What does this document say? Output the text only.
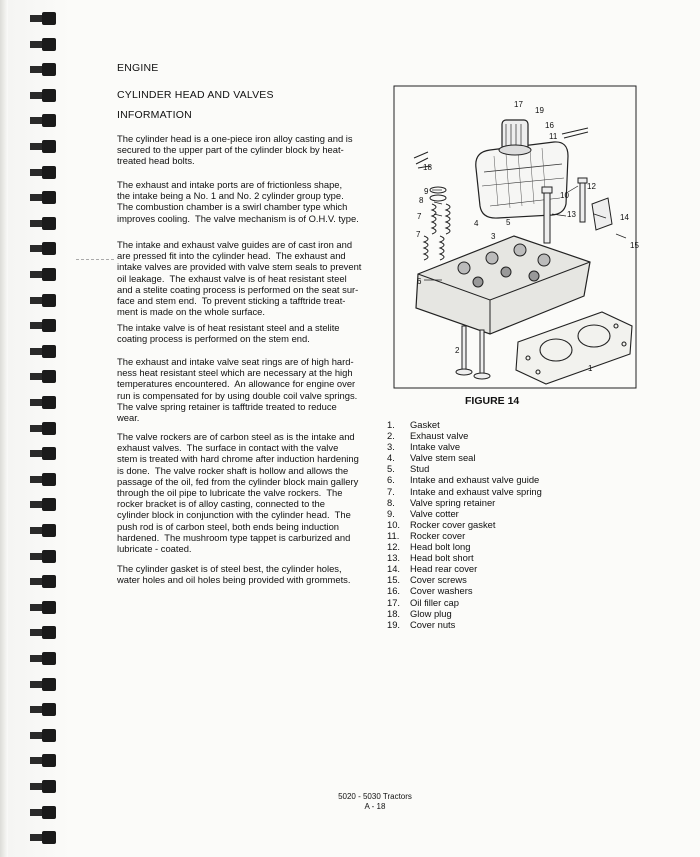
ENGINE
CYLINDER HEAD AND VALVES
INFORMATION
The cylinder head is a one-piece iron alloy casting and is
secured to the upper part of the cylinder block by heat-
treated head bolts.
The exhaust and intake ports are of frictionless shape,
the intake being a No. 1 and No. 2 cylinder group type.
The combustion chamber is a swirl chamber type which
improves cooling.  The valve mechanism is of O.H.V. type.
The intake and exhaust valve guides are of cast iron and
are pressed fit into the cylinder head.  The exhaust and
intake valves are provided with valve stem seals to prevent
oil leakage.  The exhaust valve is of heat resistant steel
and a stelite coating process is performed on the seat sur-
face and stem end.  To prevent sticking a tafftride treat-
ment is made on the whole surface.
The intake valve is of heat resistant steel and a stelite
coating process is performed on the stem end.
The exhaust and intake valve seat rings are of high hard-
ness heat resistant steel which are necessary at the high
temperatures encountered.  An allowance for engine over
run is compensated for by using double coil valve springs.
The valve spring retainer is tafftride treated to reduce
wear.
The valve rockers are of carbon steel as is the intake and
exhaust valves.  The surface in contact with the valve
stem is treated with hard chrome after induction hardening
is done.  The valve rocker shaft is hollow and allows the
passage of the oil, fed from the cylinder block main gallery
through the oil pipe to lubricate the valve rockers.  The
rocker bracket is of alloy casting, connected to the
cylinder block in conjunction with the cylinder head.  The
push rod is of carbon steel, both ends being induction
hardened.  The mushroom type tappet is carburized and
lubricate - coated.
The cylinder gasket is of steel best, the cylinder holes,
water holes and oil holes being provided with grommets.
17
19
16
11
18
12
10
9
8
13	14
7
5
15
7
4
3
6
2
1
FIGURE 14
1.	Gasket
2.	Exhaust valve
3.	Intake valve
4.	Valve stem seal
5.	Stud
6.	Intake and exhaust valve guide
7.	Intake and exhaust valve spring
8.	Valve spring retainer
9.	Valve cotter
10.	Rocker cover gasket
11.	Rocker cover
12.	Head bolt long
13.	Head bolt short
14.	Head rear cover
15.	Cover screws
16.	Cover washers
17.	Oil filler cap
18.	Glow plug
19.	Cover nuts
5020 - 5030 Tractors
A - 18
